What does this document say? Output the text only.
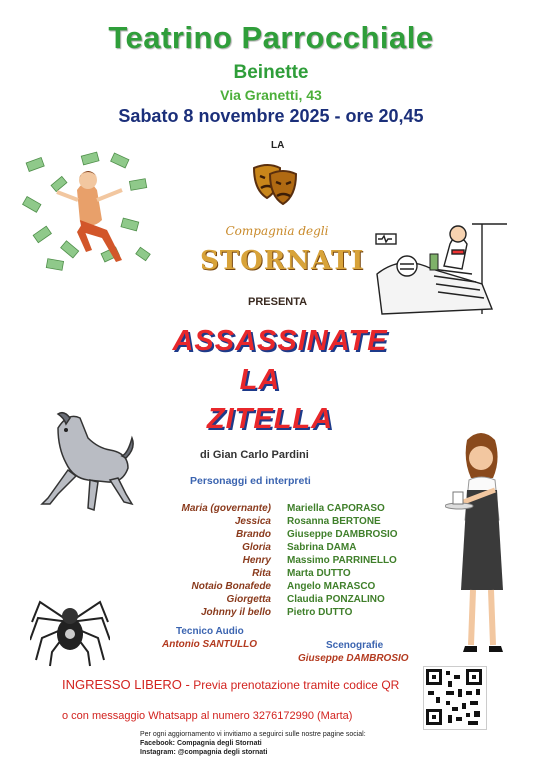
Teatrino Parrocchiale
Beinette
Via Granetti, 43
Sabato 8 novembre 2025 - ore 20,45
LA
Compagnia degli
STORNATI
PRESENTA
ASSASSINATE
LA
ZITELLA
di Gian Carlo Pardini
Personaggi ed interpreti
Maria (governante) Mariella CAPORASO
Jessica Rosanna BERTONE
Brando Giuseppe DAMBROSIO
Gloria Sabrina DAMA
Henry Massimo PARRINELLO
Rita Marta DUTTO
Notaio Bonafede Angelo MARASCO
Giorgetta Claudia PONZALINO
Johnny il bello Pietro DUTTO
Tecnico Audio
Antonio SANTULLO	Scenografie
Giuseppe DAMBROSIO
INGRESSO LIBERO - Previa prenotazione tramite codice QR
o con messaggio Whatsapp al numero 3276172990 (Marta)
Per ogni aggiornamento vi invitiamo a seguirci sulle nostre pagine social:
Facebook: Compagnia degli Stornati
Instagram: @compagnia degli stornati
